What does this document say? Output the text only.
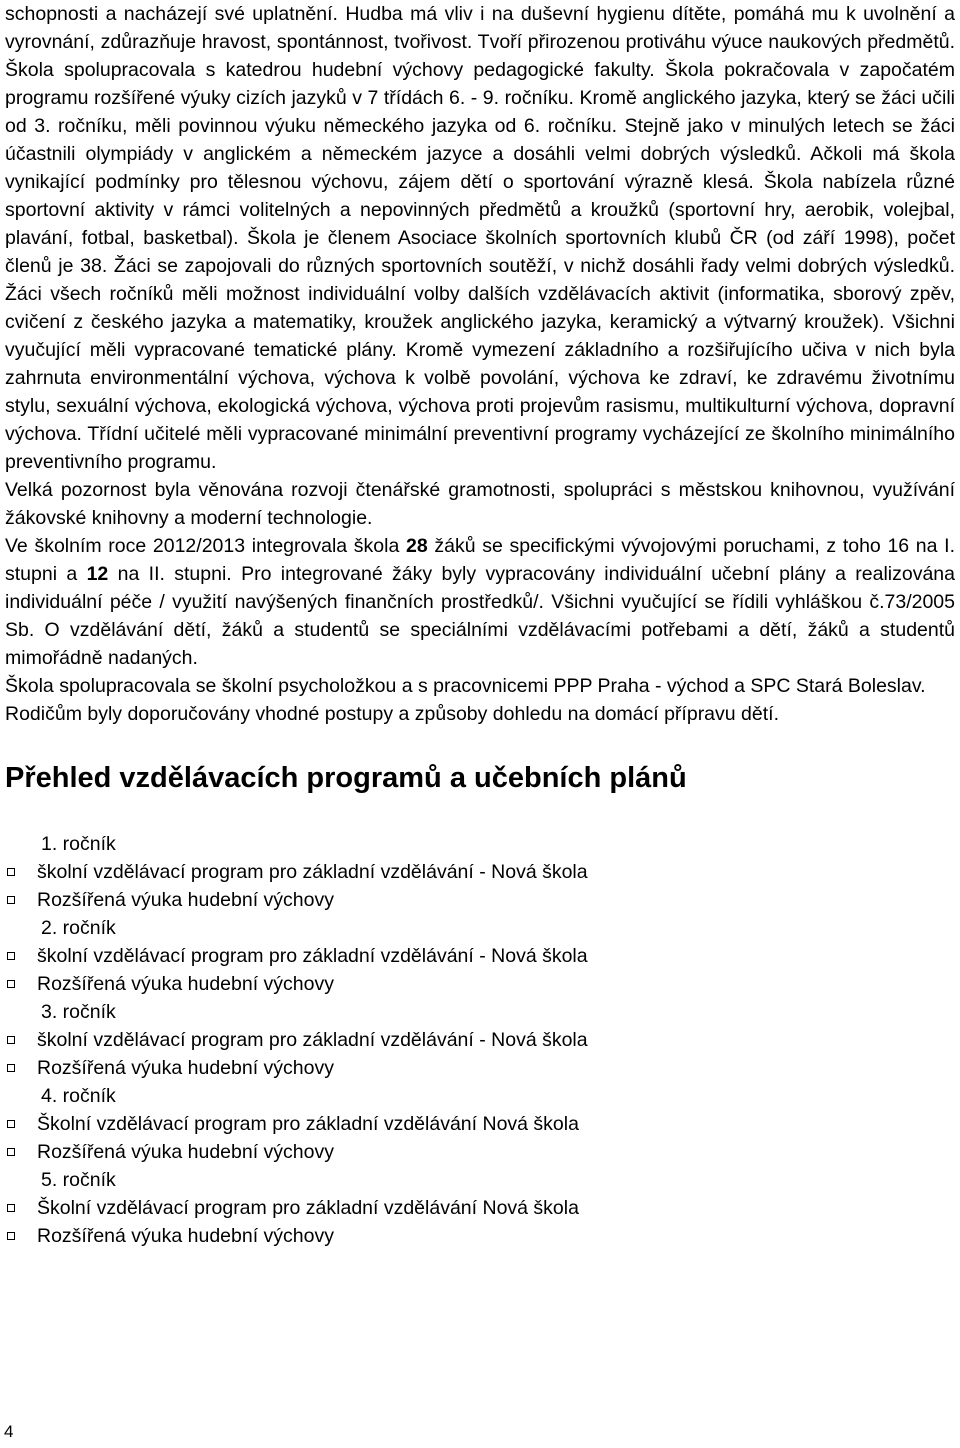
schopnosti a nacházejí své uplatnění. Hudba má vliv i na duševní hygienu dítěte, pomáhá mu k uvolnění a vyrovnání, zdůrazňuje hravost, spontánnost, tvořivost. Tvoří přirozenou protiváhu výuce naukových předmětů. Škola spolupracovala s katedrou hudební výchovy pedagogické fakulty. Škola pokračovala v započatém programu rozšířené výuky cizích jazyků v 7 třídách 6. - 9. ročníku. Kromě anglického jazyka, který se žáci učili od 3. ročníku, měli povinnou výuku německého jazyka od 6. ročníku. Stejně jako v minulých letech se žáci účastnili olympiády v anglickém a německém jazyce a dosáhli velmi dobrých výsledků. Ačkoli má škola vynikající podmínky pro tělesnou výchovu, zájem dětí o sportování výrazně klesá. Škola nabízela různé sportovní aktivity v rámci volitelných a nepovinných předmětů a kroužků (sportovní hry, aerobik, volejbal, plavání, fotbal, basketbal). Škola je členem Asociace školních sportovních klubů ČR (od září 1998), počet členů je 38. Žáci se zapojovali do různých sportovních soutěží, v nichž dosáhli řady velmi dobrých výsledků. Žáci všech ročníků měli možnost individuální volby dalších vzdělávacích aktivit (informatika, sborový zpěv, cvičení z českého jazyka a matematiky, kroužek anglického jazyka, keramický a výtvarný kroužek). Všichni vyučující měli vypracované tematické plány. Kromě vymezení základního a rozšiřujícího učiva v nich byla zahrnuta environmentální výchova, výchova k volbě povolání, výchova ke zdraví, ke zdravému životnímu stylu, sexuální výchova, ekologická výchova, výchova proti projevům rasismu, multikulturní výchova, dopravní výchova. Třídní učitelé měli vypracované minimální preventivní programy vycházející ze školního minimálního preventivního programu.

Velká pozornost byla věnována rozvoji čtenářské gramotnosti, spolupráci s městskou knihovnou, využívání žákovské knihovny a moderní technologie.

Ve školním roce 2012/2013 integrovala škola 28 žáků se specifickými vývojovými poruchami, z toho 16 na I. stupni a 12 na II. stupni. Pro integrované žáky byly vypracovány individuální učební plány a realizována individuální péče / využití navýšených finančních prostředků/. Všichni vyučující se řídili vyhláškou č.73/2005 Sb. O vzdělávání dětí, žáků a studentů se speciálními vzdělávacími potřebami a dětí, žáků a studentů mimořádně nadaných.

Škola spolupracovala se školní psycholožkou a s pracovnicemi PPP Praha - východ a SPC Stará Boleslav.

Rodičům byly doporučovány vhodné postupy a způsoby dohledu na domácí přípravu dětí.

Přehled vzdělávacích programů a učebních plánů
1. ročník
školní vzdělávací program pro základní vzdělávání - Nová škola
Rozšířená výuka hudební výchovy
2. ročník
školní vzdělávací program pro základní vzdělávání - Nová škola
Rozšířená výuka hudební výchovy
3. ročník
školní vzdělávací program pro základní vzdělávání - Nová škola
Rozšířená výuka hudební výchovy
4. ročník
Školní vzdělávací program pro základní vzdělávání Nová škola
Rozšířená výuka hudební výchovy
5. ročník
Školní vzdělávací program pro základní vzdělávání Nová škola
Rozšířená výuka hudební výchovy
4
